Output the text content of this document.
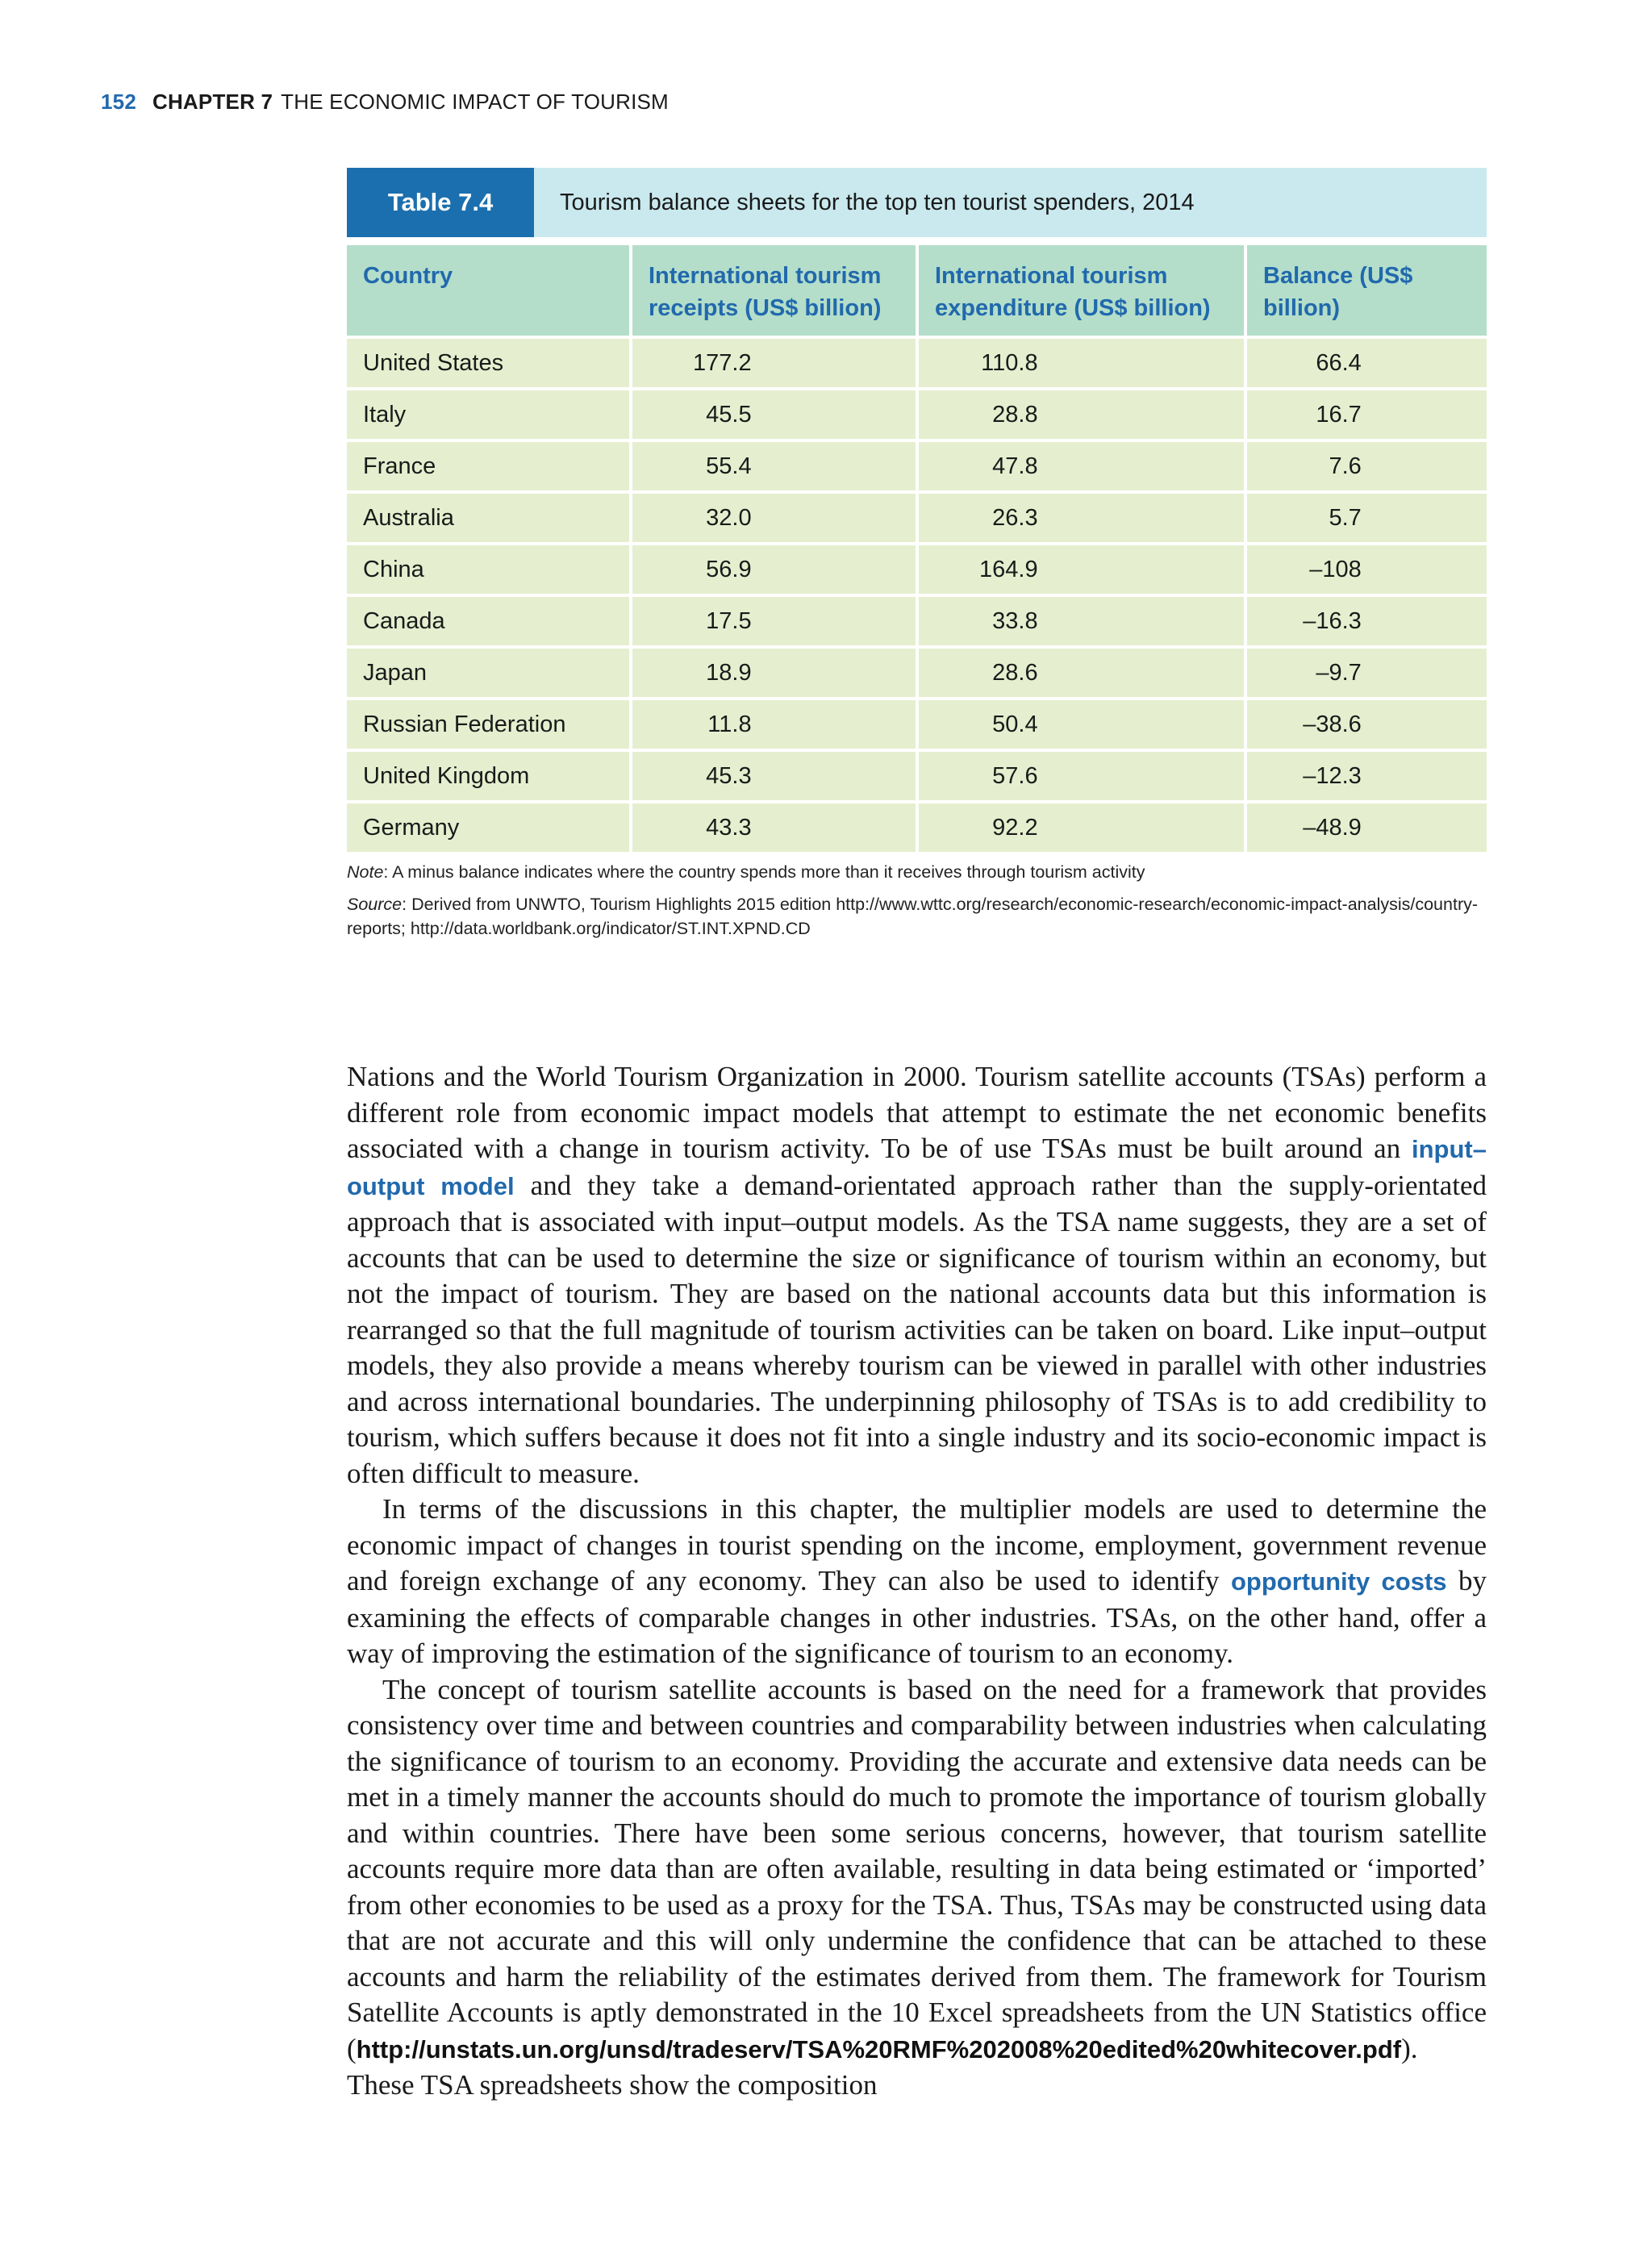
152 CHAPTER 7 THE ECONOMIC IMPACT OF TOURISM
Table 7.4	Tourism balance sheets for the top ten tourist spenders, 2014
Country	International tourism receipts (US$ billion)	International tourism expenditure (US$ billion)	Balance (US$ billion)
United States	177.2	110.8	66.4
Italy	45.5	28.8	16.7
France	55.4	47.8	7.6
Australia	32.0	26.3	5.7
China	56.9	164.9	–108
Canada	17.5	33.8	–16.3
Japan	18.9	28.6	–9.7
Russian Federation	11.8	50.4	–38.6
United Kingdom	45.3	57.6	–12.3
Germany	43.3	92.2	–48.9
Note: A minus balance indicates where the country spends more than it receives through tourism activity
Source: Derived from UNWTO, Tourism Highlights 2015 edition http://www.wttc.org/research/economic-research/economic-impact-analysis/country-reports; http://data.worldbank.org/indicator/ST.INT.XPND.CD

Nations and the World Tourism Organization in 2000. Tourism satellite accounts (TSAs) perform a different role from economic impact models that attempt to estimate the net economic benefits associated with a change in tourism activity. To be of use TSAs must be built around an input–output model and they take a demand-orientated approach rather than the supply-orientated approach that is associated with input–output models. As the TSA name suggests, they are a set of accounts that can be used to determine the size or significance of tourism within an economy, but not the impact of tourism. They are based on the national accounts data but this information is rearranged so that the full magnitude of tourism activities can be taken on board. Like input–output models, they also provide a means whereby tourism can be viewed in parallel with other industries and across international boundaries. The underpinning philosophy of TSAs is to add credibility to tourism, which suffers because it does not fit into a single industry and its socio-economic impact is often difficult to measure.

In terms of the discussions in this chapter, the multiplier models are used to determine the economic impact of changes in tourist spending on the income, employment, government revenue and foreign exchange of any economy. They can also be used to identify opportunity costs by examining the effects of comparable changes in other industries. TSAs, on the other hand, offer a way of improving the estimation of the significance of tourism to an economy.

The concept of tourism satellite accounts is based on the need for a framework that provides consistency over time and between countries and comparability between industries when calculating the significance of tourism to an economy. Providing the accurate and extensive data needs can be met in a timely manner the accounts should do much to promote the importance of tourism globally and within countries. There have been some serious concerns, however, that tourism satellite accounts require more data than are often available, resulting in data being estimated or ‘imported’ from other economies to be used as a proxy for the TSA. Thus, TSAs may be constructed using data that are not accurate and this will only undermine the confidence that can be attached to these accounts and harm the reliability of the estimates derived from them. The framework for Tourism Satellite Accounts is aptly demonstrated in the 10 Excel spreadsheets from the UN Statistics office (http://unstats.un.org/unsd/tradeserv/TSA%20RMF%202008%20edited%20whitecover.pdf). These TSA spreadsheets show the composition
